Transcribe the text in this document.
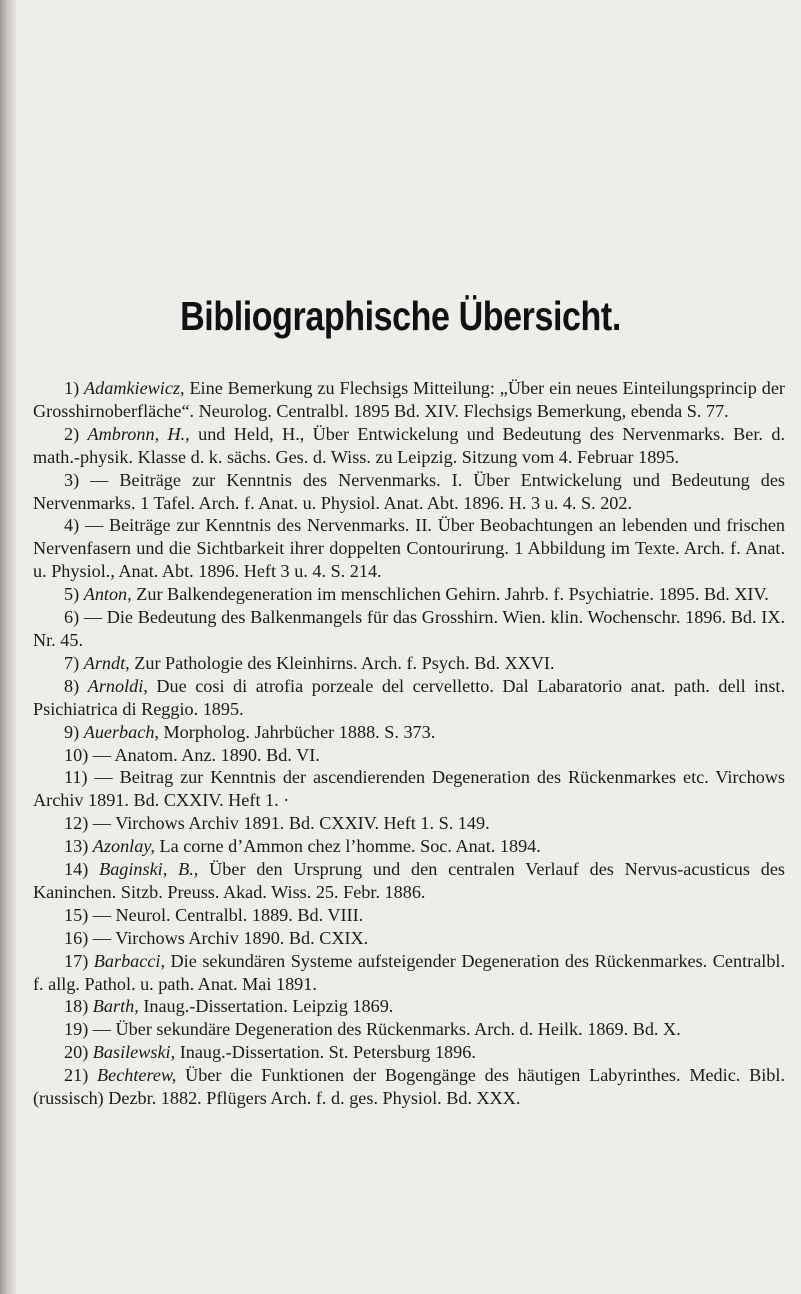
Bibliographische Übersicht.
1) Adamkiewicz, Eine Bemerkung zu Flechsigs Mitteilung: „Über ein neues Einteilungsprincip der Grosshirnoberfläche“. Neurolog. Centralbl. 1895 Bd. XIV. Flechsigs Bemerkung, ebenda S. 77.
2) Ambronn, H., und Held, H., Über Entwickelung und Bedeutung des Nervenmarks. Ber. d. math.-physik. Klasse d. k. sächs. Ges. d. Wiss. zu Leipzig. Sitzung vom 4. Februar 1895.
3) — Beiträge zur Kenntnis des Nervenmarks. I. Über Entwickelung und Bedeutung des Nervenmarks. 1 Tafel. Arch. f. Anat. u. Physiol. Anat. Abt. 1896. H. 3 u. 4. S. 202.
4) — Beiträge zur Kenntnis des Nervenmarks. II. Über Beobachtungen an lebenden und frischen Nervenfasern und die Sichtbarkeit ihrer doppelten Contourirung. 1 Abbildung im Texte. Arch. f. Anat. u. Physiol., Anat. Abt. 1896. Heft 3 u. 4. S. 214.
5) Anton, Zur Balkendegeneration im menschlichen Gehirn. Jahrb. f. Psychiatrie. 1895. Bd. XIV.
6) — Die Bedeutung des Balkenmangels für das Grosshirn. Wien. klin. Wochenschr. 1896. Bd. IX. Nr. 45.
7) Arndt, Zur Pathologie des Kleinhirns. Arch. f. Psych. Bd. XXVI.
8) Arnoldi, Due cosi di atrofia porzeale del cervelletto. Dal Labaratorio anat. path. dell inst. Psichiatrica di Reggio. 1895.
9) Auerbach, Morpholog. Jahrbücher 1888. S. 373.
10) — Anatom. Anz. 1890. Bd. VI.
11) — Beitrag zur Kenntnis der ascendierenden Degeneration des Rückenmarkes etc. Virchows Archiv 1891. Bd. CXXIV. Heft 1. ·
12) — Virchows Archiv 1891. Bd. CXXIV. Heft 1. S. 149.
13) Azonlay, La corne d’Ammon chez l’homme. Soc. Anat. 1894.
14) Baginski, B., Über den Ursprung und den centralen Verlauf des Nervus-acusticus des Kaninchen. Sitzb. Preuss. Akad. Wiss. 25. Febr. 1886.
15) — Neurol. Centralbl. 1889. Bd. VIII.
16) — Virchows Archiv 1890. Bd. CXIX.
17) Barbacci, Die sekundären Systeme aufsteigender Degeneration des Rückenmarkes. Centralbl. f. allg. Pathol. u. path. Anat. Mai 1891.
18) Barth, Inaug.-Dissertation. Leipzig 1869.
19) — Über sekundäre Degeneration des Rückenmarks. Arch. d. Heilk. 1869. Bd. X.
20) Basilewski, Inaug.-Dissertation. St. Petersburg 1896.
21) Bechterew, Über die Funktionen der Bogengänge des häutigen Labyrinthes. Medic. Bibl. (russisch) Dezbr. 1882. Pflügers Arch. f. d. ges. Physiol. Bd. XXX.
